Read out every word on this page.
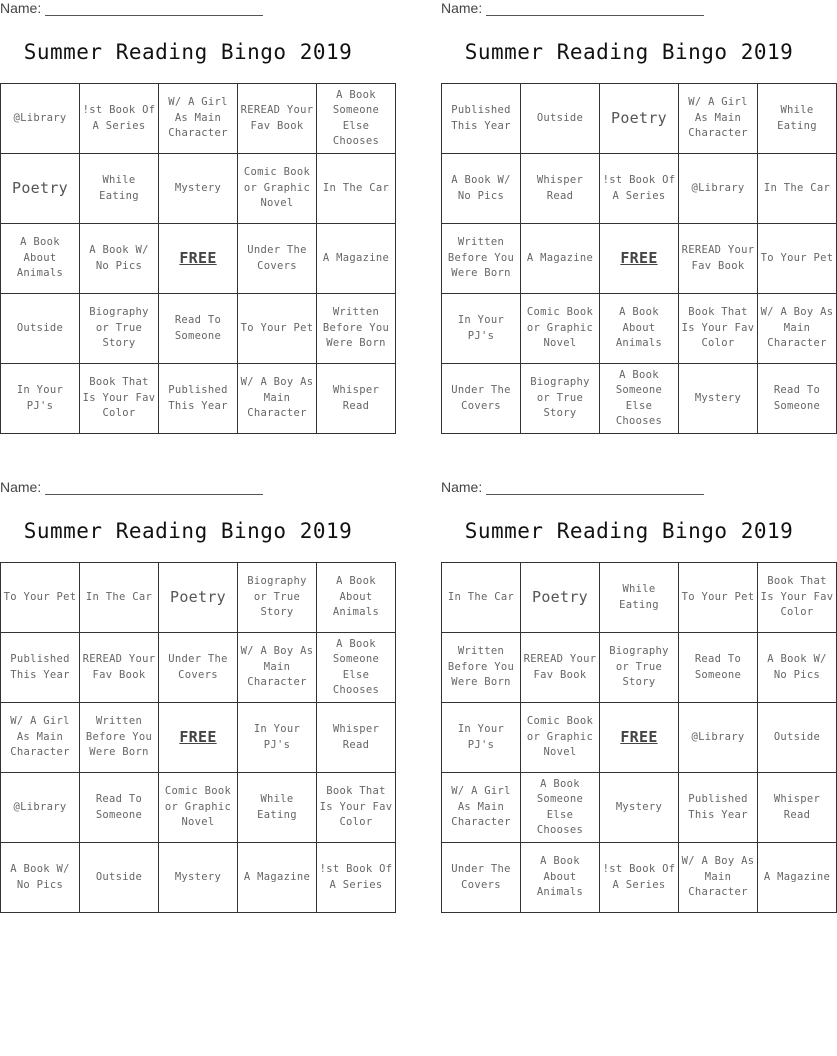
Name:
Summer Reading Bingo 2019
@Library	!st Book Of A Series	W/ A Girl As Main Character	REREAD Your Fav Book	A Book Someone Else Chooses
Poetry	While Eating	Mystery	Comic Book or Graphic Novel	In The Car
A Book About Animals	A Book W/ No Pics	FREE	Under The Covers	A Magazine
Outside	Biography or True Story	Read To Someone	To Your Pet	Written Before You Were Born
In Your PJ's	Book That Is Your Fav Color	Published This Year	W/ A Boy As Main Character	Whisper Read
Name:
Summer Reading Bingo 2019
Published This Year	Outside	Poetry	W/ A Girl As Main Character	While Eating
A Book W/ No Pics	Whisper Read	!st Book Of A Series	@Library	In The Car
Written Before You Were Born	A Magazine	FREE	REREAD Your Fav Book	To Your Pet
In Your PJ's	Comic Book or Graphic Novel	A Book About Animals	Book That Is Your Fav Color	W/ A Boy As Main Character
Under The Covers	Biography or True Story	A Book Someone Else Chooses	Mystery	Read To Someone
Name:
Summer Reading Bingo 2019
To Your Pet	In The Car	Poetry	Biography or True Story	A Book About Animals
Published This Year	REREAD Your Fav Book	Under The Covers	W/ A Boy As Main Character	A Book Someone Else Chooses
W/ A Girl As Main Character	Written Before You Were Born	FREE	In Your PJ's	Whisper Read
@Library	Read To Someone	Comic Book or Graphic Novel	While Eating	Book That Is Your Fav Color
A Book W/ No Pics	Outside	Mystery	A Magazine	!st Book Of A Series
Name:
Summer Reading Bingo 2019
In The Car	Poetry	While Eating	To Your Pet	Book That Is Your Fav Color
Written Before You Were Born	REREAD Your Fav Book	Biography or True Story	Read To Someone	A Book W/ No Pics
In Your PJ's	Comic Book or Graphic Novel	FREE	@Library	Outside
W/ A Girl As Main Character	A Book Someone Else Chooses	Mystery	Published This Year	Whisper Read
Under The Covers	A Book About Animals	!st Book Of A Series	W/ A Boy As Main Character	A Magazine
